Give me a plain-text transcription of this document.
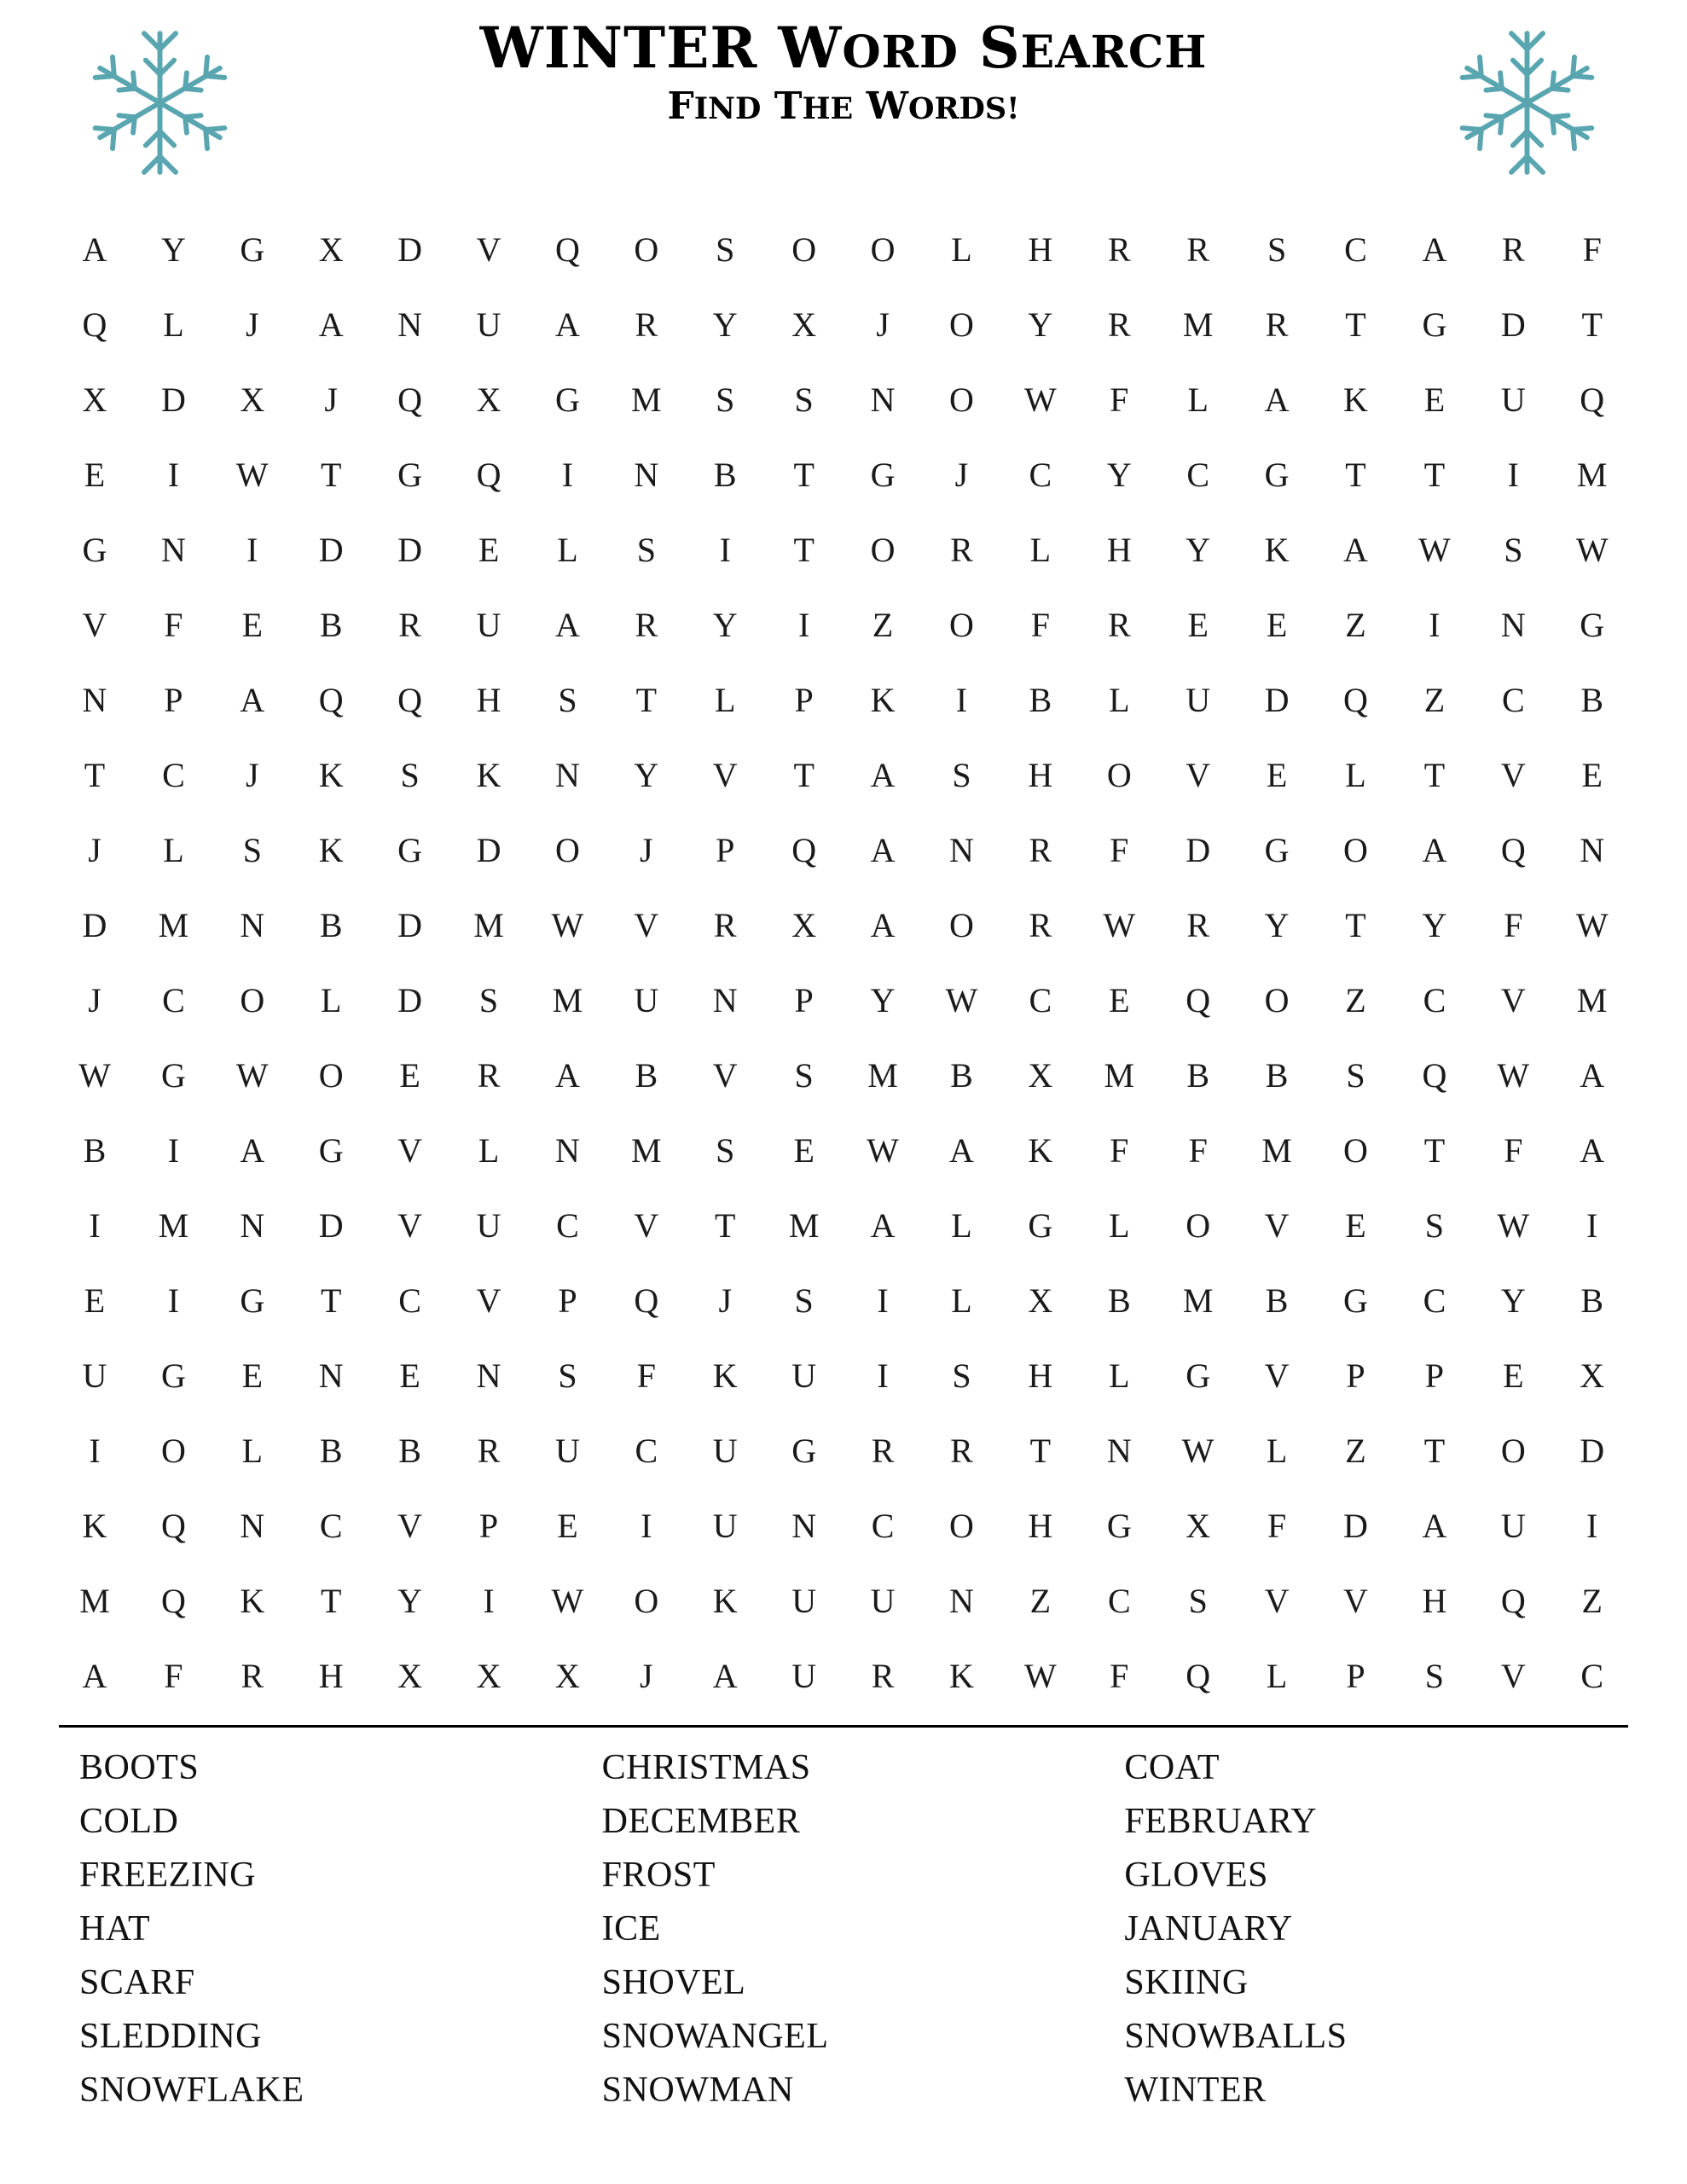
WINTER WORD SEARCH
FIND THE WORDS!
A	Y	G	X	D	V	Q	O	S	O	O	L	H	R	R	S	C	A	R	F
Q	L	J	A	N	U	A	R	Y	X	J	O	Y	R	M	R	T	G	D	T
X	D	X	J	Q	X	G	M	S	S	N	O	W	F	L	A	K	E	U	Q
E	I	W	T	G	Q	I	N	B	T	G	J	C	Y	C	G	T	T	I	M
G	N	I	D	D	E	L	S	I	T	O	R	L	H	Y	K	A	W	S	W
V	F	E	B	R	U	A	R	Y	I	Z	O	F	R	E	E	Z	I	N	G
N	P	A	Q	Q	H	S	T	L	P	K	I	B	L	U	D	Q	Z	C	B
T	C	J	K	S	K	N	Y	V	T	A	S	H	O	V	E	L	T	V	E
J	L	S	K	G	D	O	J	P	Q	A	N	R	F	D	G	O	A	Q	N
D	M	N	B	D	M	W	V	R	X	A	O	R	W	R	Y	T	Y	F	W
J	C	O	L	D	S	M	U	N	P	Y	W	C	E	Q	O	Z	C	V	M
W	G	W	O	E	R	A	B	V	S	M	B	X	M	B	B	S	Q	W	A
B	I	A	G	V	L	N	M	S	E	W	A	K	F	F	M	O	T	F	A
I	M	N	D	V	U	C	V	T	M	A	L	G	L	O	V	E	S	W	I
E	I	G	T	C	V	P	Q	J	S	I	L	X	B	M	B	G	C	Y	B
U	G	E	N	E	N	S	F	K	U	I	S	H	L	G	V	P	P	E	X
I	O	L	B	B	R	U	C	U	G	R	R	T	N	W	L	Z	T	O	D
K	Q	N	C	V	P	E	I	U	N	C	O	H	G	X	F	D	A	U	I
M	Q	K	T	Y	I	W	O	K	U	U	N	Z	C	S	V	V	H	Q	Z
A	F	R	H	X	X	X	J	A	U	R	K	W	F	Q	L	P	S	V	C
BOOTS
COLD
FREEZING
HAT
SCARF
SLEDDING
SNOWFLAKE
CHRISTMAS
DECEMBER
FROST
ICE
SHOVEL
SNOWANGEL
SNOWMAN
COAT
FEBRUARY
GLOVES
JANUARY
SKIING
SNOWBALLS
WINTER
